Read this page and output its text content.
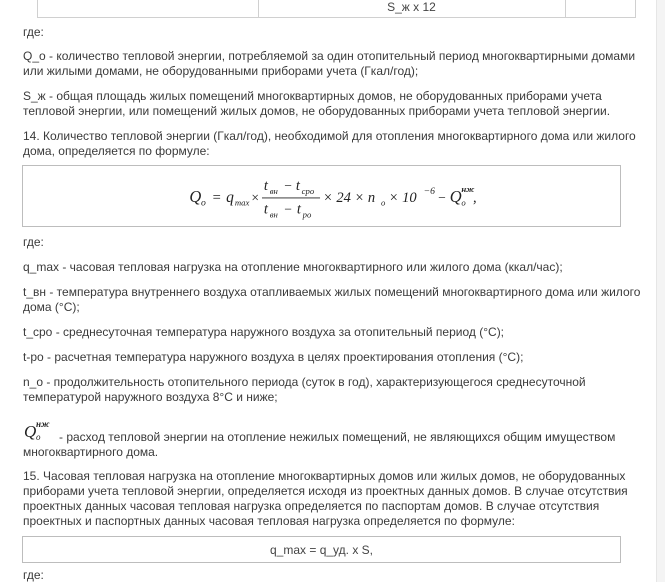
S_ж x 12

где:

Q_o - количество тепловой энергии, потребляемой за один отопительный период многоквартирными домами или жилыми домами, не оборудованными приборами учета (Гкал/год);

S_ж - общая площадь жилых помещений многоквартирных домов, не оборудованных приборами учета тепловой энергии, или помещений жилых домов, не оборудованных приборами учета тепловой энергии.

14. Количество тепловой энергии (Гкал/год), необходимой для отопления многоквартирного дома или жилого дома, определяется по формуле:

Q o = q max ×
t вн − t сро
t вн − t ро
× 24 × n o × 10 −6 − Q o
нж
,

где:

q_max - часовая тепловая нагрузка на отопление многоквартирного или жилого дома (ккал/час);

t_вн - температура внутреннего воздуха отапливаемых жилых помещений многоквартирного дома или жилого дома (°С);

t_сро - среднесуточная температура наружного воздуха за отопительный период (°С);

t-ро - расчетная температура наружного воздуха в целях проектирования отопления (°С);

n_о - продолжительность отопительного периода (суток в год), характеризующегося среднесуточной температурой наружного воздуха 8°С и ниже;

Q o
нж

- расход тепловой энергии на отопление нежилых помещений, не являющихся общим имуществом многоквартирного дома.

15. Часовая тепловая нагрузка на отопление многоквартирных домов или жилых домов, не оборудованных приборами учета тепловой энергии, определяется исходя из проектных данных домов. В случае отсутствия проектных данных часовая тепловая нагрузка определяется по паспортам домов. В случае отсутствия проектных и паспортных данных часовая тепловая нагрузка определяется по формуле:

q_max = q_уд. x S,

где:
